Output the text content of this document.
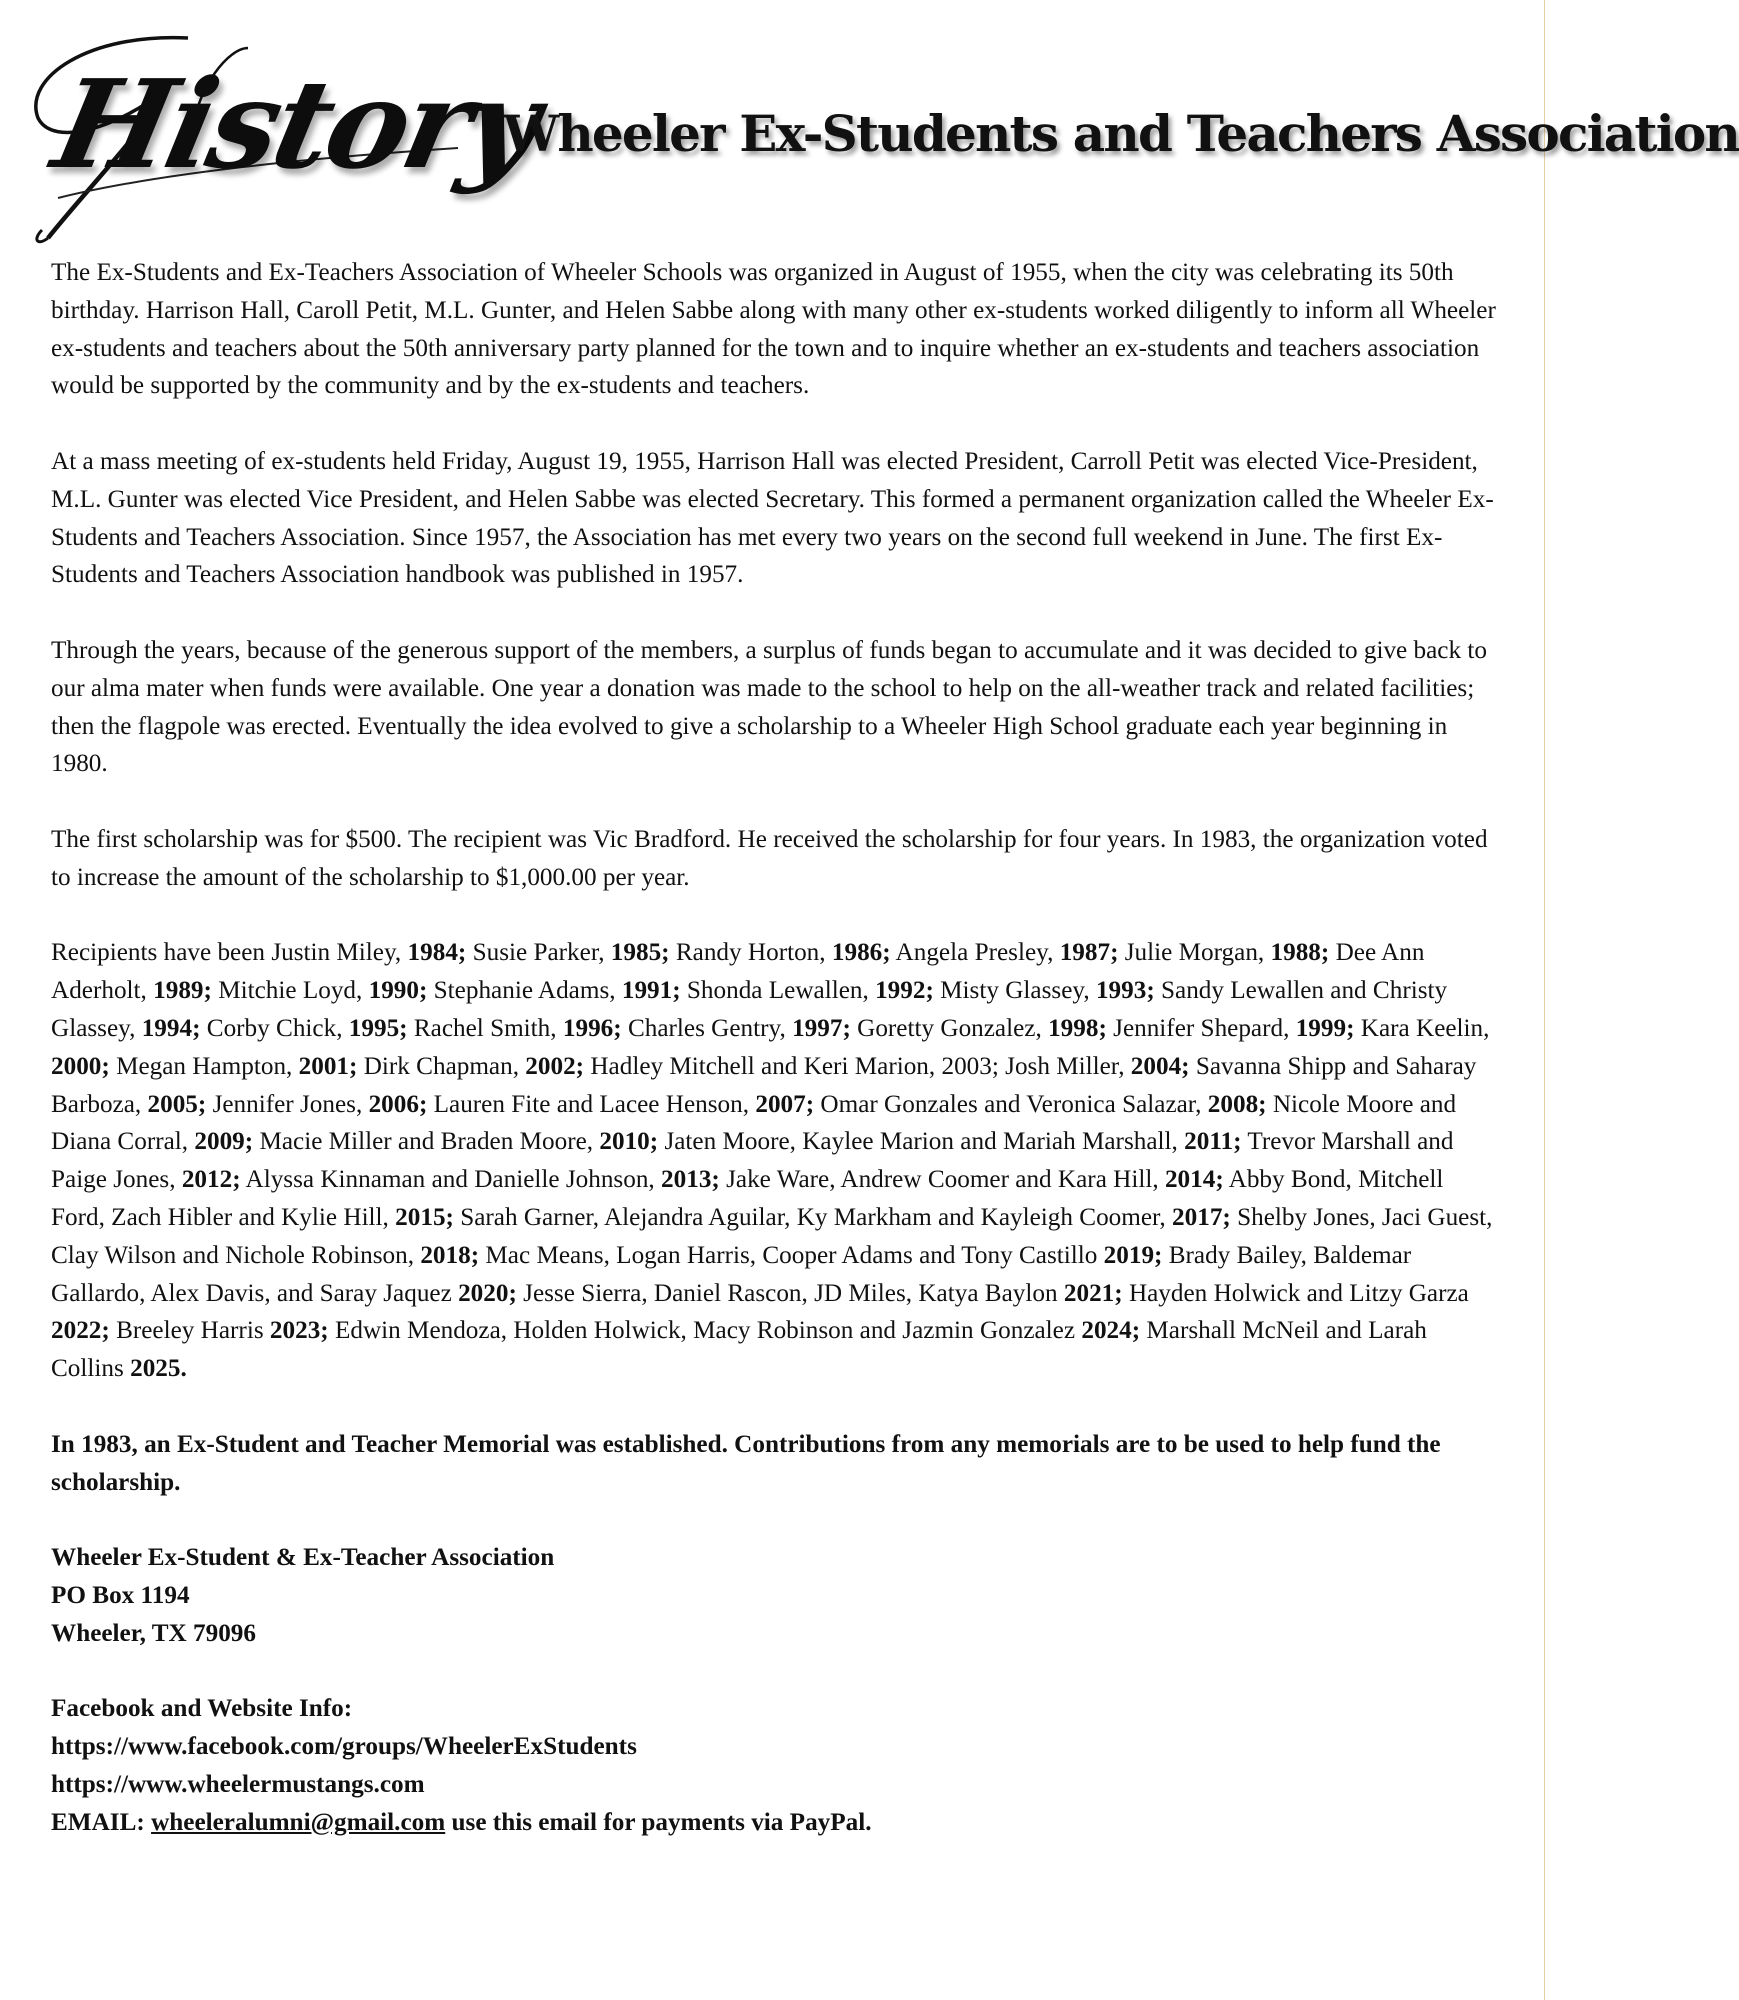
History
Wheeler Ex-Students and Teachers Association

The Ex-Students and Ex-Teachers Association of Wheeler Schools was organized in August of 1955, when the city was celebrating its 50th birthday. Harrison Hall, Caroll Petit, M.L. Gunter, and Helen Sabbe along with many other ex-students worked diligently to inform all Wheeler ex-students and teachers about the 50th anniversary party planned for the town and to inquire whether an ex-students and teachers association would be supported by the community and by the ex-students and teachers.

At a mass meeting of ex-students held Friday, August 19, 1955, Harrison Hall was elected President, Carroll Petit was elected Vice-President, M.L. Gunter was elected Vice President, and Helen Sabbe was elected Secretary. This formed a permanent organization called the Wheeler Ex-Students and Teachers Association. Since 1957, the Association has met every two years on the second full weekend in June. The first Ex-Students and Teachers Association handbook was published in 1957.

Through the years, because of the generous support of the members, a surplus of funds began to accumulate and it was decided to give back to our alma mater when funds were available. One year a donation was made to the school to help on the all-weather track and related facilities; then the flagpole was erected. Eventually the idea evolved to give a scholarship to a Wheeler High School graduate each year beginning in 1980.

The first scholarship was for $500. The recipient was Vic Bradford. He received the scholarship for four years. In 1983, the organization voted to increase the amount of the scholarship to $1,000.00 per year.

Recipients have been Justin Miley, 1984; Susie Parker, 1985; Randy Horton, 1986; Angela Presley, 1987; Julie Morgan, 1988; Dee Ann Aderholt, 1989; Mitchie Loyd, 1990; Stephanie Adams, 1991; Shonda Lewallen, 1992; Misty Glassey, 1993; Sandy Lewallen and Christy Glassey, 1994; Corby Chick, 1995; Rachel Smith, 1996; Charles Gentry, 1997; Goretty Gonzalez, 1998; Jennifer Shepard, 1999; Kara Keelin, 2000; Megan Hampton, 2001; Dirk Chapman, 2002; Hadley Mitchell and Keri Marion, 2003; Josh Miller, 2004; Savanna Shipp and Saharay Barboza, 2005; Jennifer Jones, 2006; Lauren Fite and Lacee Henson, 2007; Omar Gonzales and Veronica Salazar, 2008; Nicole Moore and Diana Corral, 2009; Macie Miller and Braden Moore, 2010; Jaten Moore, Kaylee Marion and Mariah Marshall, 2011; Trevor Marshall and Paige Jones, 2012; Alyssa Kinnaman and Danielle Johnson, 2013; Jake Ware, Andrew Coomer and Kara Hill, 2014; Abby Bond, Mitchell Ford, Zach Hibler and Kylie Hill, 2015; Sarah Garner, Alejandra Aguilar, Ky Markham and Kayleigh Coomer, 2017; Shelby Jones, Jaci Guest, Clay Wilson and Nichole Robinson, 2018; Mac Means, Logan Harris, Cooper Adams and Tony Castillo 2019; Brady Bailey, Baldemar Gallardo, Alex Davis, and Saray Jaquez 2020; Jesse Sierra, Daniel Rascon, JD Miles, Katya Baylon 2021; Hayden Holwick and Litzy Garza 2022; Breeley Harris 2023; Edwin Mendoza, Holden Holwick, Macy Robinson and Jazmin Gonzalez 2024; Marshall McNeil and Larah Collins 2025.

In 1983, an Ex-Student and Teacher Memorial was established. Contributions from any memorials are to be used to help fund the scholarship.

Wheeler Ex-Student & Ex-Teacher Association

PO Box 1194

Wheeler, TX 79096

Facebook and Website Info:

https://www.facebook.com/groups/WheelerExStudents

https://www.wheelermustangs.com

EMAIL: wheeleralumni@gmail.com use this email for payments via PayPal.
